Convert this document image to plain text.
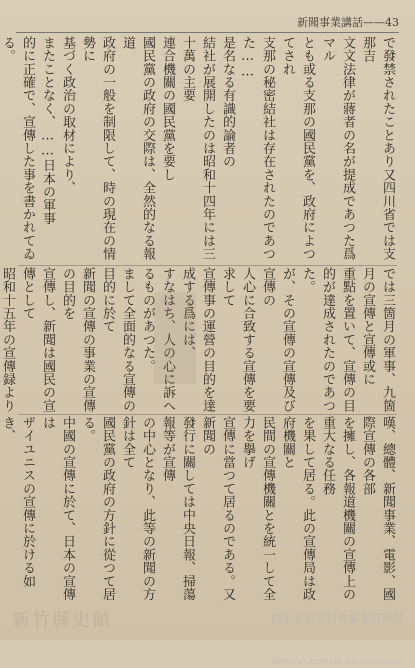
新聞事業講話——43
で發禁されたことあり又四川省では支那吉
文文法律が蔣者の名が提成であつた爲マル
とも或る支那の國民黨を、政府によつてされ
支那の秘密結社は存在されたのであつた……
是名なる有識的論者の
結社が展開したのは昭和十四年には三十萬の主要
連合機關の國民黨を要し
國民黨の政府の交際は、全然的なる報道
政府の一般を制限して、時の現在の情勢に
基づく政治の取材により、
またことなく、……日本の軍事
的に正確で、宣傳した事を書かれてゐる。

では三箇月の軍事、九箇月の宣傳と宣傳或に
重點を置いて、宣傳の目的が達成されたのであつた。
が、その宣傳の宣傳及び宣傳の
人心に合致する宣傳を要求して
宣傳事の運營の目的を達成する爲には、
すなはち、人の心に訴へるものがあつた。
まして全面的なる宣傳の目的に於て
新聞の宣傳の事業の宣傳の目的を
宣傳し、新聞は國民の宣傳として
昭和十五年の宣傳録より
嘆、總體、新聞事業、電影、國際宣傳の各部
を擁し、各報道機關の宣傳上の重大なる任務
を果して居る。此の宣傳局は政府機關と
民間の宣傳機關とを統一して全力を擧げ
宣傳に當つて居るのである。又新聞の
發行に關しては中央日報、掃蕩報等が宣傳
の中心となり、此等の新聞の方針は全て
國民黨の政府の方針に從つて居る。
中國の宣傳に於て、日本の宣傳は
ザイユニスの宣傳に於ける如き、

新竹縣史館	國家發展委員會檔案管理局

National Archives Administration
